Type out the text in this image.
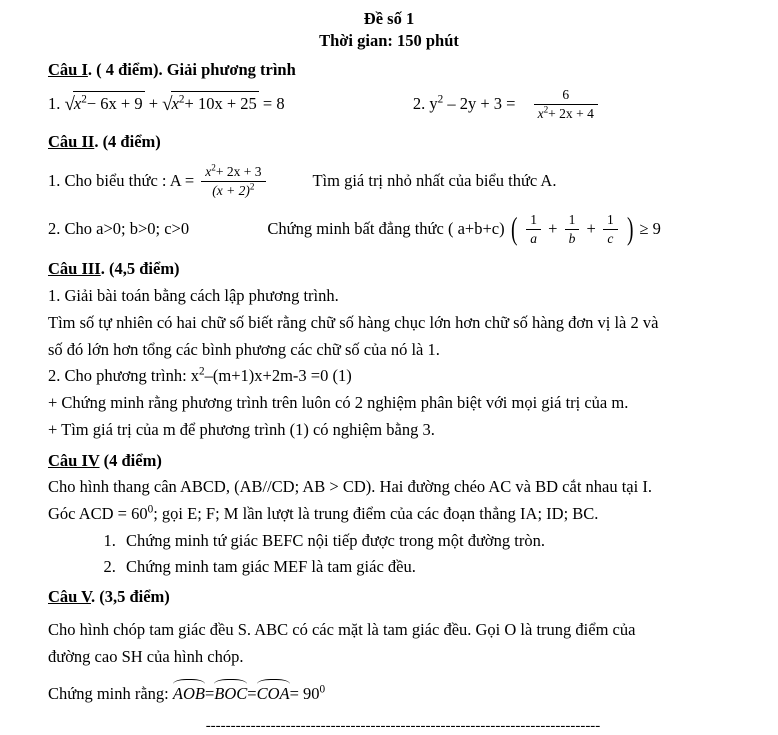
Đề số 1
Thời gian: 150 phút
Câu I. ( 4 điểm). Giải phương trình
1. $√x^2- 6x + 9 + √x^2+ 10x + 25 = 8$	2. $y^2 - 2y + 3 = \frac{6}{x^2+ 2x + 4}$
Câu II. (4 điểm)
1. Cho biểu thức : $A = \frac{x^2+ 2x + 3}{(x + 2)^2}$	Tìm giá trị nhỏ nhất của biểu thức A.
2. Cho a>0; b>0; c>0	Chứng minh bất đẳng thức ( a+b+c) ( $\frac{1}{a} + \frac{1}{b} + \frac{1}{c}$ ) ≥ 9
Câu III. (4,5 điểm)
1. Giải bài toán bằng cách lập phương trình.
Tìm số tự nhiên có hai chữ số biết rằng chữ số hàng chục lớn hơn chữ số hàng đơn vị là 2 và
số đó lớn hơn tổng các bình phương các chữ số của nó là 1.
2. Cho phương trình: $x^2-(m+1)x+2m-3 =0$ (1)
+ Chứng minh rằng phương trình trên luôn có 2 nghiệm phân biệt với mọi giá trị của m.
+ Tìm giá trị của m để phương trình (1) có nghiệm bằng 3.
Câu IV (4 điểm)
Cho hình thang cân ABCD, (AB//CD; AB > CD). Hai đường chéo AC và BD cắt nhau tại I.
Góc ACD = $60^0$; gọi E; F; M lần lượt là trung điểm của các đoạn thẳng IA; ID; BC.
1. Chứng minh tứ giác BEFC nội tiếp được trong một đường tròn.
2. Chứng minh tam giác MEF là tam giác đều.
Câu V. (3,5 điểm)
Cho hình chóp tam giác đều S. ABC có các mặt là tam giác đều. Gọi O là trung điểm của
đường cao SH của hình chóp.
Chứng minh rằng: $AOB=BOC=COA= 90^0$
-------------------------------------------------------------------------------
